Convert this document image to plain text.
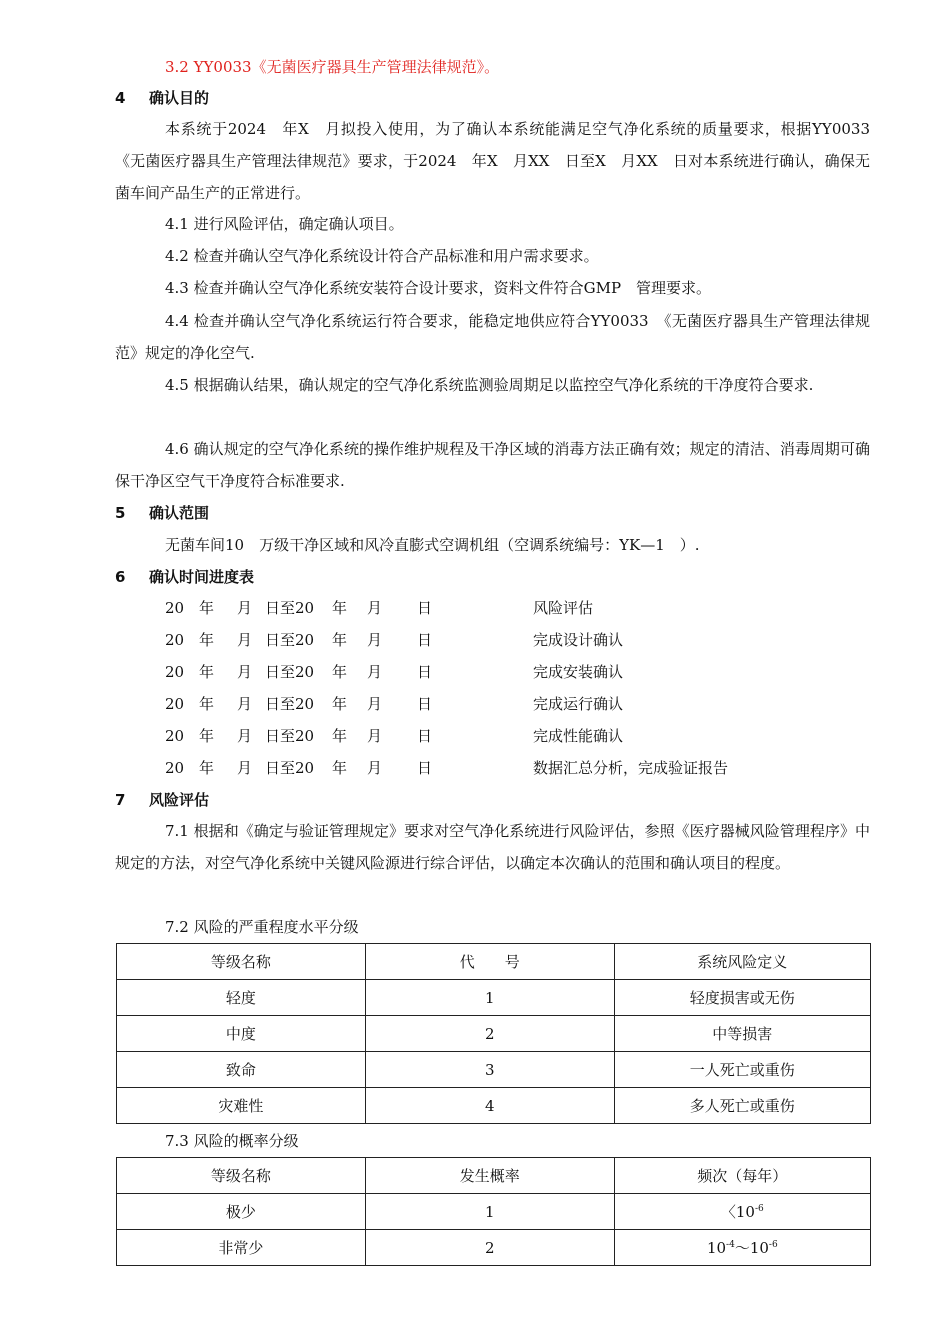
3.2 YY0033《无菌医疗器具生产管理法律规范》。
4 确认目的
本系统于2024　年X　月拟投入使用，为了确认本系统能满足空气净化系统的质量要求，根据YY0033　《无菌医疗器具生产管理法律规范》要求，于2024　年X　月XX　日至X　月XX　日对本系统进行确认，确保无菌车间产品生产的正常进行。
4.1 进行风险评估，确定确认项目。
4.2 检查并确认空气净化系统设计符合产品标准和用户需求要求。
4.3 检查并确认空气净化系统安装符合设计要求，资料文件符合GMP　管理要求。
4.4 检查并确认空气净化系统运行符合要求，能稳定地供应符合YY0033　《无菌医疗器具生产管理法律规范》规定的净化空气.
4.5 根据确认结果，确认规定的空气净化系统监测验周期足以监控空气净化系统的干净度符合要求.
4.6 确认规定的空气净化系统的操作维护规程及干净区域的消毒方法正确有效；规定的清洁、消毒周期可确保干净区空气干净度符合标准要求.
5 确认范围
无菌车间10　万级干净区域和风冷直膨式空调机组（空调系统编号：YK—1　）.
6 确认时间进度表
20 年 月 日至20 年 月 日	风险评估
20 年 月 日至20 年 月 日	完成设计确认
20 年 月 日至20 年 月 日	完成安装确认
20 年 月 日至20 年 月 日	完成运行确认
20 年 月 日至20 年 月 日	完成性能确认
20 年 月 日至20 年 月 日	数据汇总分析，完成验证报告
7 风险评估
7.1 根据和《确定与验证管理规定》要求对空气净化系统进行风险评估，参照《医疗器械风险管理程序》中规定的方法，对空气净化系统中关键风险源进行综合评估，以确定本次确认的范围和确认项目的程度。
7.2 风险的严重程度水平分级
等级名称	代　　号	系统风险定义
轻度	1	轻度损害或无伤
中度	2	中等损害
致命	3	一人死亡或重伤
灾难性	4	多人死亡或重伤
7.3 风险的概率分级
等级名称	发生概率	频次（每年）
极少	1	〈$10^{-6}$
非常少	2	$10^{-4}\sim 10^{-6}$
